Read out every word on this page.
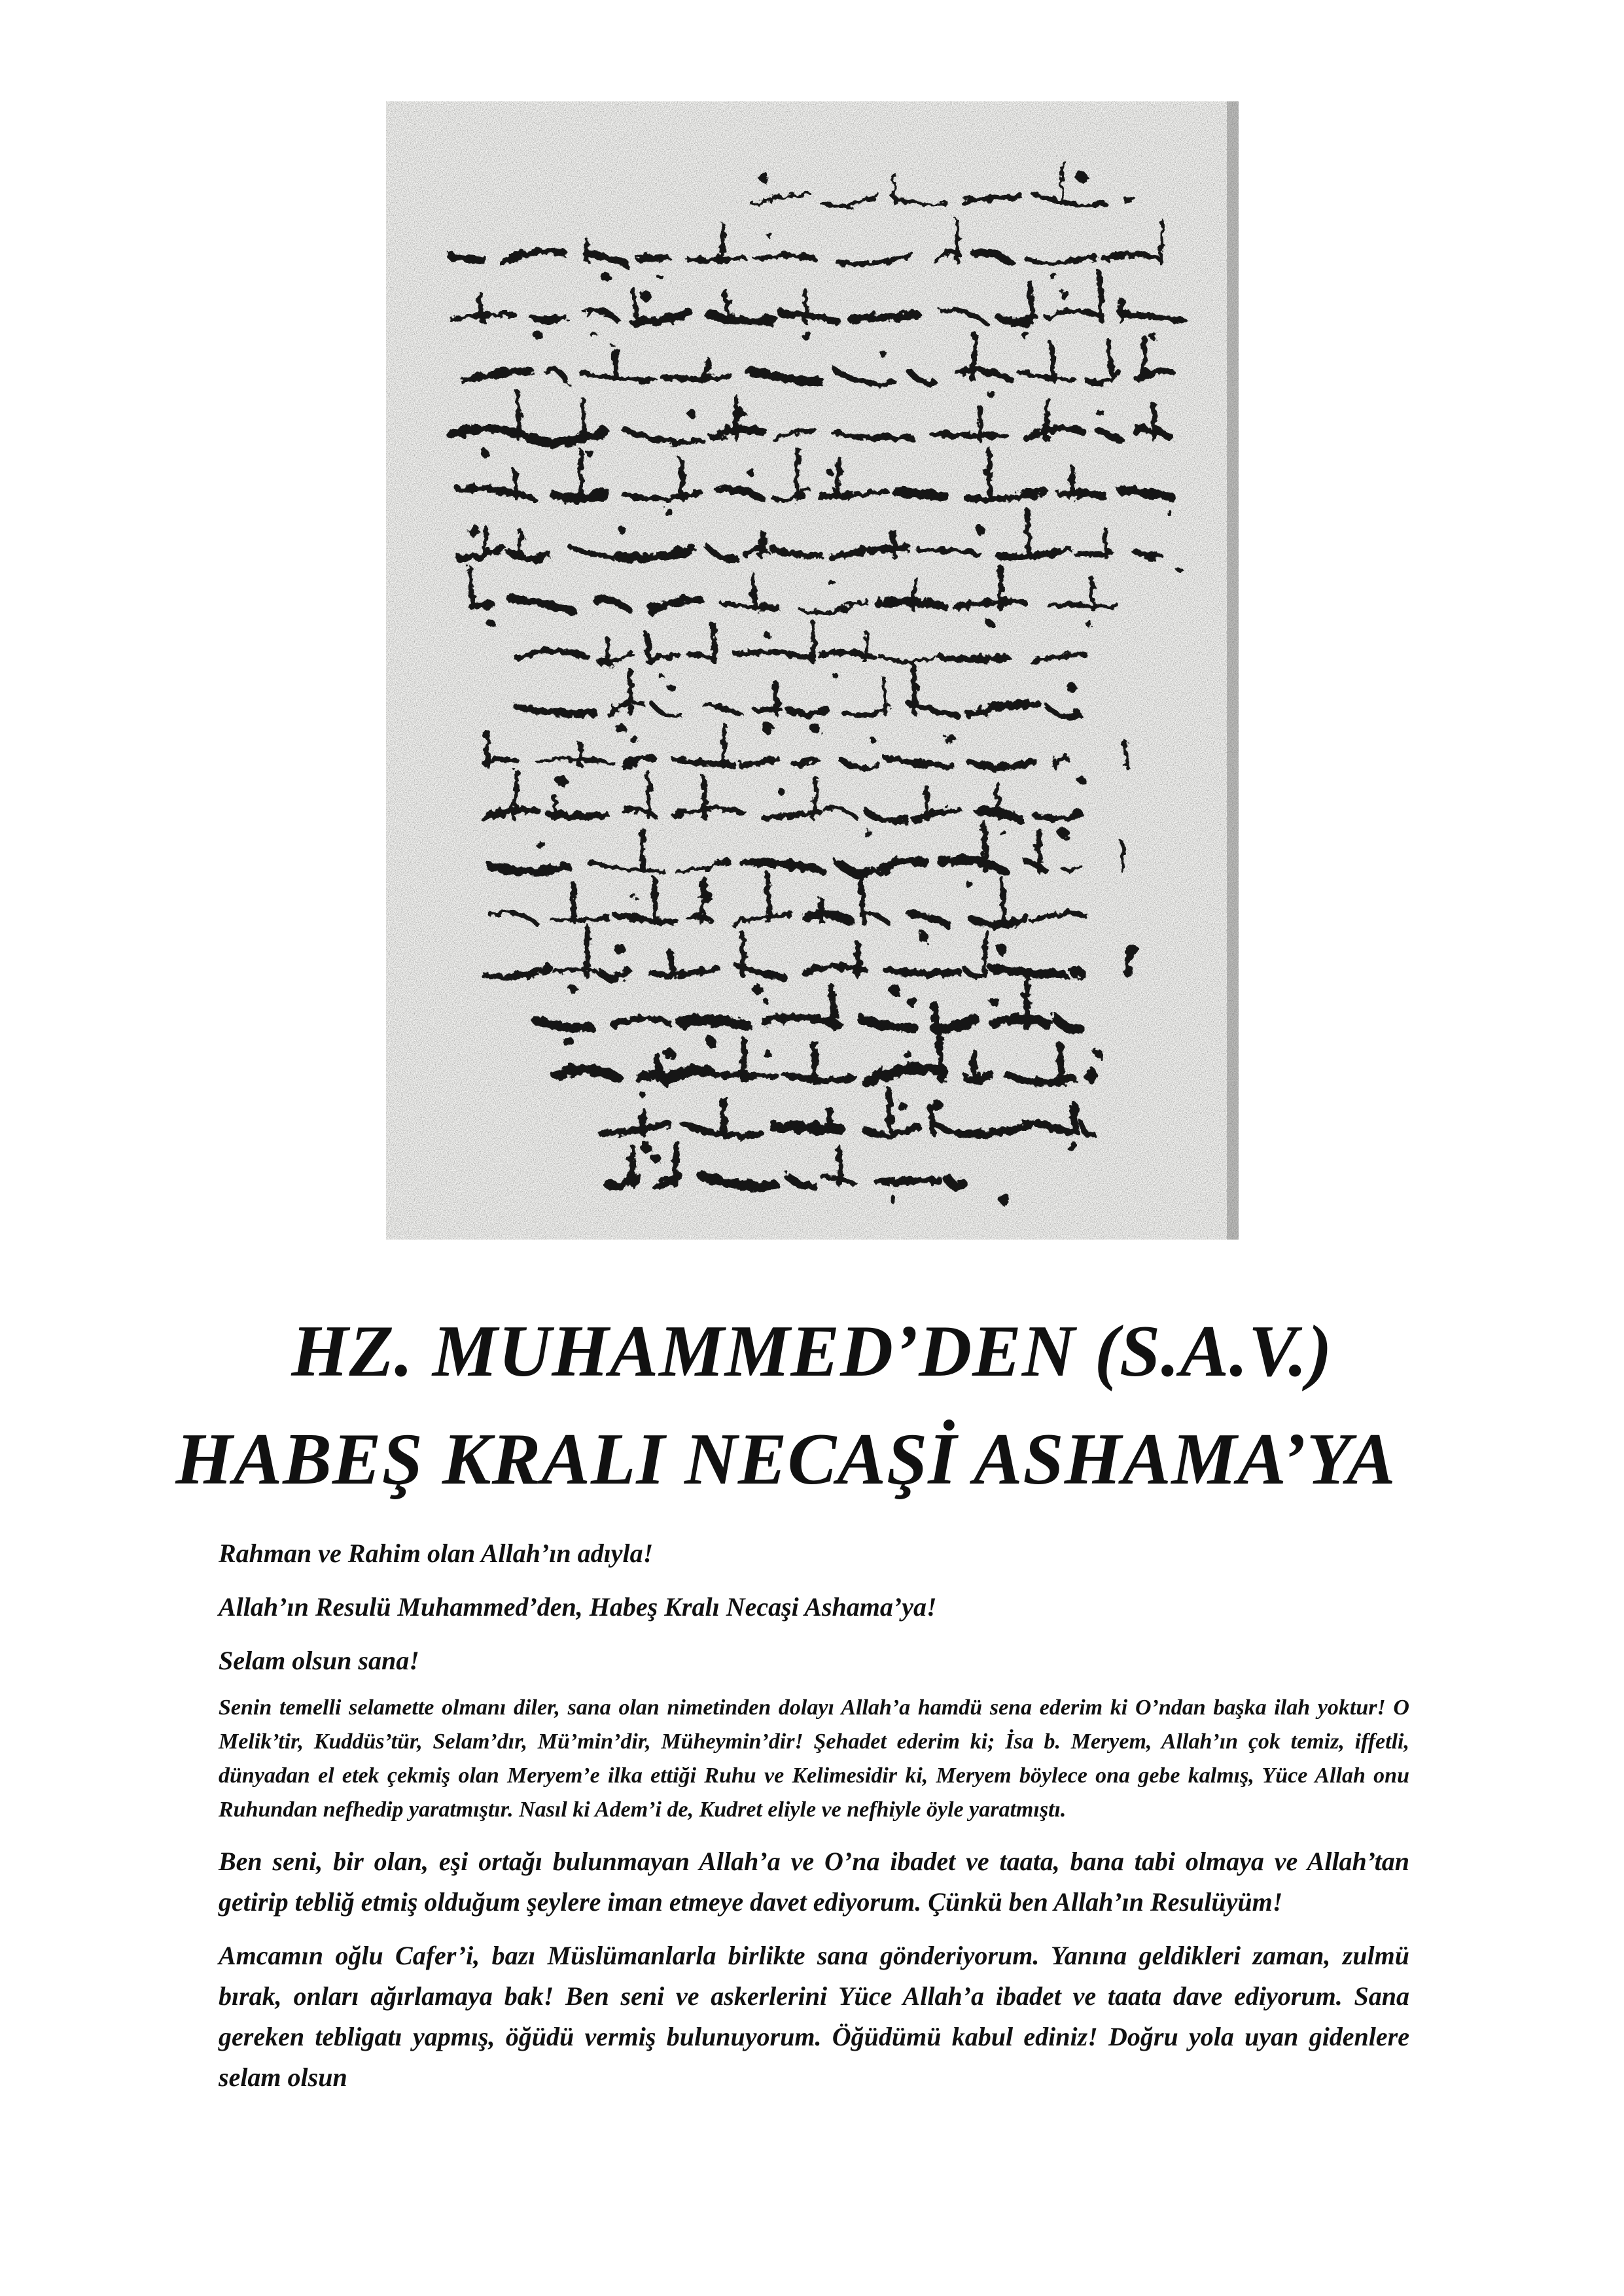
HZ. MUHAMMED’DEN (S.A.V.)
HABEŞ KRALI NECAŞİ ASHAMA’YA

Rahman ve Rahim olan Allah’ın adıyla!

Allah’ın Resulü Muhammed’den, Habeş Kralı Necaşi Ashama’ya!

Selam olsun sana!

Senin temelli selamette olmanı diler, sana olan nimetinden dolayı Allah’a hamdü sena ederim ki O’ndan başka ilah yoktur! O Melik’tir, Kuddüs’tür, Selam’dır, Mü’min’dir, Müheymin’dir! Şehadet ederim ki; İsa b. Meryem, Allah’ın çok temiz, iffetli, dünyadan el etek çekmiş olan Meryem’e ilka ettiği Ruhu ve Kelimesidir ki, Meryem böylece ona gebe kalmış, Yüce Allah onu Ruhundan nefhedip yaratmıştır. Nasıl ki Adem’i de, Kudret eliyle ve nefhiyle öyle yaratmıştı.

Ben seni, bir olan, eşi ortağı bulunmayan Allah’a ve O’na ibadet ve taata, bana tabi olmaya ve Allah’tan getirip tebliğ etmiş olduğum şeylere iman etmeye davet ediyorum. Çünkü ben Allah’ın Resulüyüm!

Amcamın oğlu Cafer’i, bazı Müslümanlarla birlikte sana gönderiyorum. Yanına geldikleri zaman, zulmü bırak, onları ağırlamaya bak! Ben seni ve askerlerini Yüce Allah’a ibadet ve taata dave ediyorum. Sana gereken tebligatı yapmış, öğüdü vermiş bulunuyorum. Öğüdümü kabul ediniz! Doğru yola uyan gidenlere selam olsun
